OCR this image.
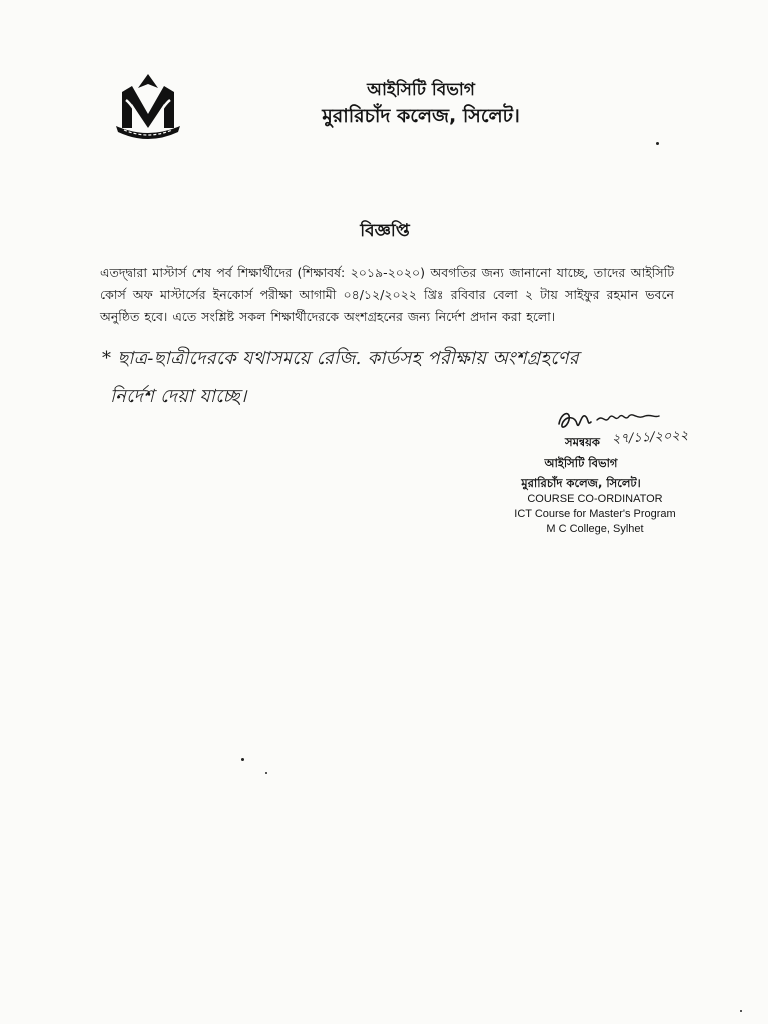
আইসিটি বিভাগ
মুরারিচাঁদ কলেজ, সিলেট।
বিজ্ঞপ্তি
এতদ্দ্বারা মাস্টার্স শেষ পর্ব শিক্ষার্থীদের (শিক্ষাবর্ষ: ২০১৯-২০২০) অবগতির জন্য জানানো যাচ্ছে, তাদের আইসিটি কোর্স অফ মাস্টার্সের ইনকোর্স পরীক্ষা আগামী ০৪/১২/২০২২ খ্রিঃ রবিবার বেলা ২ টায় সাইফুর রহমান ভবনে অনুষ্ঠিত হবে। এতে সংশ্লিষ্ট সকল শিক্ষার্থীদেরকে অংশগ্রহনের জন্য নির্দেশ প্রদান করা হলো।
* ছাত্র-ছাত্রীদেরকে যথাসময়ে রেজি. কার্ডসহ পরীক্ষায় অংশগ্রহণের
নির্দেশ দেয়া যাচ্ছে।
২৭/১১/২০২২
সমন্বয়ক
আইসিটি বিভাগ
মুরারিচাঁদ কলেজ, সিলেট।
COURSE CO-ORDINATOR
ICT Course for Master's Program
M C College, Sylhet
